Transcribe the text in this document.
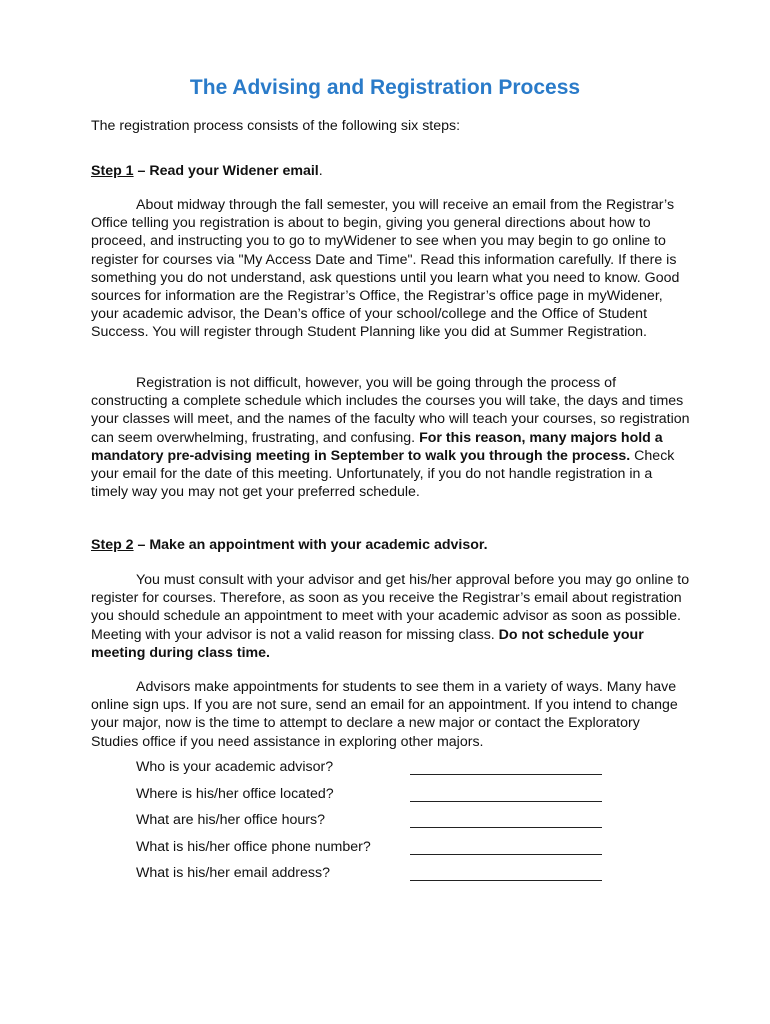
The Advising and Registration Process
The registration process consists of the following six steps:
Step 1 – Read your Widener email.
About midway through the fall semester, you will receive an email from the Registrar’s Office telling you registration is about to begin, giving you general directions about how to proceed, and instructing you to go to myWidener to see when you may begin to go online to register for courses via "My Access Date and Time". Read this information carefully. If there is something you do not understand, ask questions until you learn what you need to know. Good sources for information are the Registrar’s Office, the Registrar’s office page in myWidener, your academic advisor, the Dean’s office of your school/college and the Office of Student Success. You will register through Student Planning like you did at Summer Registration.
Registration is not difficult, however, you will be going through the process of constructing a complete schedule which includes the courses you will take, the days and times your classes will meet, and the names of the faculty who will teach your courses, so registration can seem overwhelming, frustrating, and confusing. For this reason, many majors hold a mandatory pre-advising meeting in September to walk you through the process. Check your email for the date of this meeting. Unfortunately, if you do not handle registration in a timely way you may not get your preferred schedule.
Step 2 – Make an appointment with your academic advisor.
You must consult with your advisor and get his/her approval before you may go online to register for courses. Therefore, as soon as you receive the Registrar’s email about registration you should schedule an appointment to meet with your academic advisor as soon as possible. Meeting with your advisor is not a valid reason for missing class. Do not schedule your meeting during class time.
Advisors make appointments for students to see them in a variety of ways. Many have online sign ups. If you are not sure, send an email for an appointment. If you intend to change your major, now is the time to attempt to declare a new major or contact the Exploratory Studies office if you need assistance in exploring other majors.
Who is your academic advisor?
Where is his/her office located?
What are his/her office hours?
What is his/her office phone number?
What is his/her email address?
